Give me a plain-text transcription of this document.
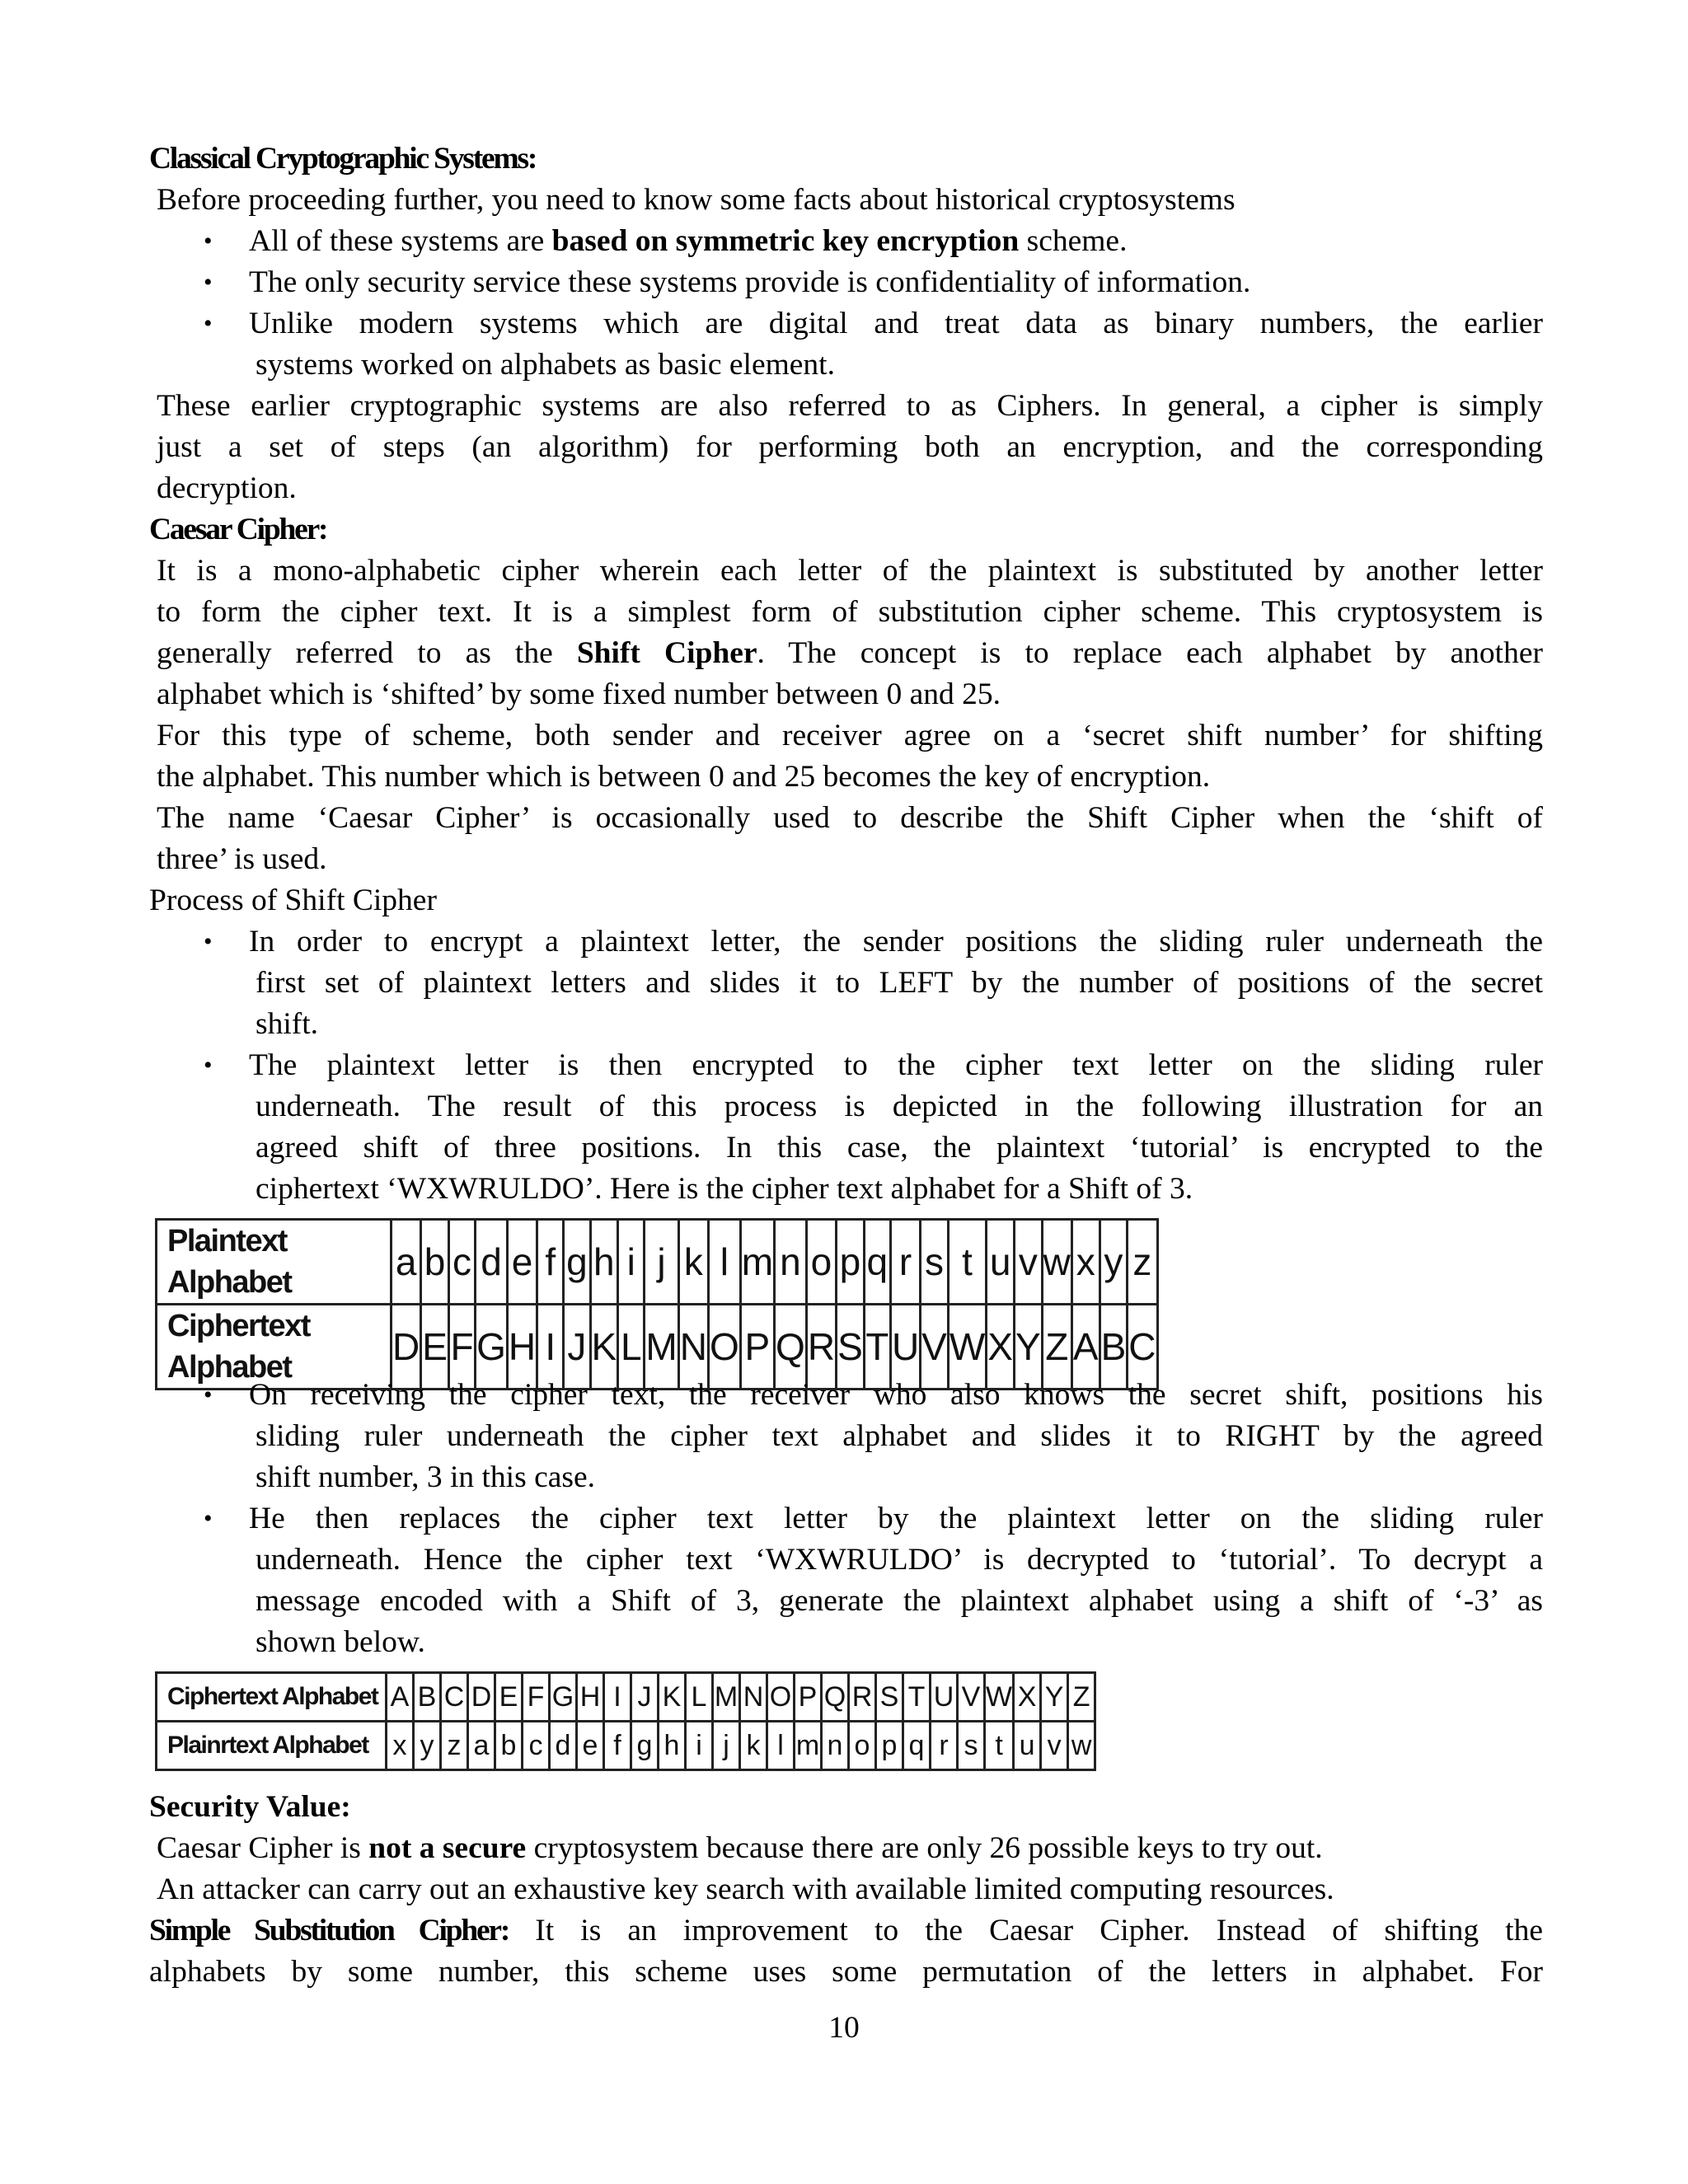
Classical Cryptographic Systems:
Before proceeding further, you need to know some facts about historical cryptosystems
• All of these systems are based on symmetric key encryption scheme.
• The only security service these systems provide is confidentiality of information.
• Unlike modern systems which are digital and treat data as binary numbers, the earlier
systems worked on alphabets as basic element.
These earlier cryptographic systems are also referred to as Ciphers. In general, a cipher is simply
just a set of steps (an algorithm) for performing both an encryption, and the corresponding
decryption.
Caesar Cipher:
It is a mono-alphabetic cipher wherein each letter of the plaintext is substituted by another letter
to form the cipher text. It is a simplest form of substitution cipher scheme. This cryptosystem is
generally referred to as the Shift Cipher. The concept is to replace each alphabet by another
alphabet which is ‘shifted’ by some fixed number between 0 and 25.
For this type of scheme, both sender and receiver agree on a ‘secret shift number’ for shifting
the alphabet. This number which is between 0 and 25 becomes the key of encryption.
The name ‘Caesar Cipher’ is occasionally used to describe the Shift Cipher when the ‘shift of
three’ is used.
Process of Shift Cipher
• In order to encrypt a plaintext letter, the sender positions the sliding ruler underneath the
first set of plaintext letters and slides it to LEFT by the number of positions of the secret
shift.
• The plaintext letter is then encrypted to the cipher text letter on the sliding ruler
underneath. The result of this process is depicted in the following illustration for an
agreed shift of three positions. In this case, the plaintext ‘tutorial’ is encrypted to the
ciphertext ‘WXWRULDO’. Here is the cipher text alphabet for a Shift of 3.
Plaintext Alphabet	a	b	c	d	e	f	g	h	i	j	k	l	m	n	o	p	q	r	s	t	u	v	w	x	y	z
Ciphertext Alphabet	D	E	F	G	H	I	J	K	L	M	N	O	P	Q	R	S	T	U	V	W	X	Y	Z	A	B	C
• On receiving the cipher text, the receiver who also knows the secret shift, positions his
sliding ruler underneath the cipher text alphabet and slides it to RIGHT by the agreed
shift number, 3 in this case.
• He then replaces the cipher text letter by the plaintext letter on the sliding ruler
underneath. Hence the cipher text ‘WXWRULDO’ is decrypted to ‘tutorial’. To decrypt a
message encoded with a Shift of 3, generate the plaintext alphabet using a shift of ‘-3’ as
shown below.
Ciphertext Alphabet	A	B	C	D	E	F	G	H	I	J	K	L	M	N	O	P	Q	R	S	T	U	V	W	X	Y	Z
Plainrtext Alphabet	x	y	z	a	b	c	d	e	f	g	h	i	j	k	l	m	n	o	p	q	r	s	t	u	v	w
Security Value:
Caesar Cipher is not a secure cryptosystem because there are only 26 possible keys to try out.
An attacker can carry out an exhaustive key search with available limited computing resources.
Simple Substitution Cipher: It is an improvement to the Caesar Cipher. Instead of shifting the
alphabets by some number, this scheme uses some permutation of the letters in alphabet. For
10
